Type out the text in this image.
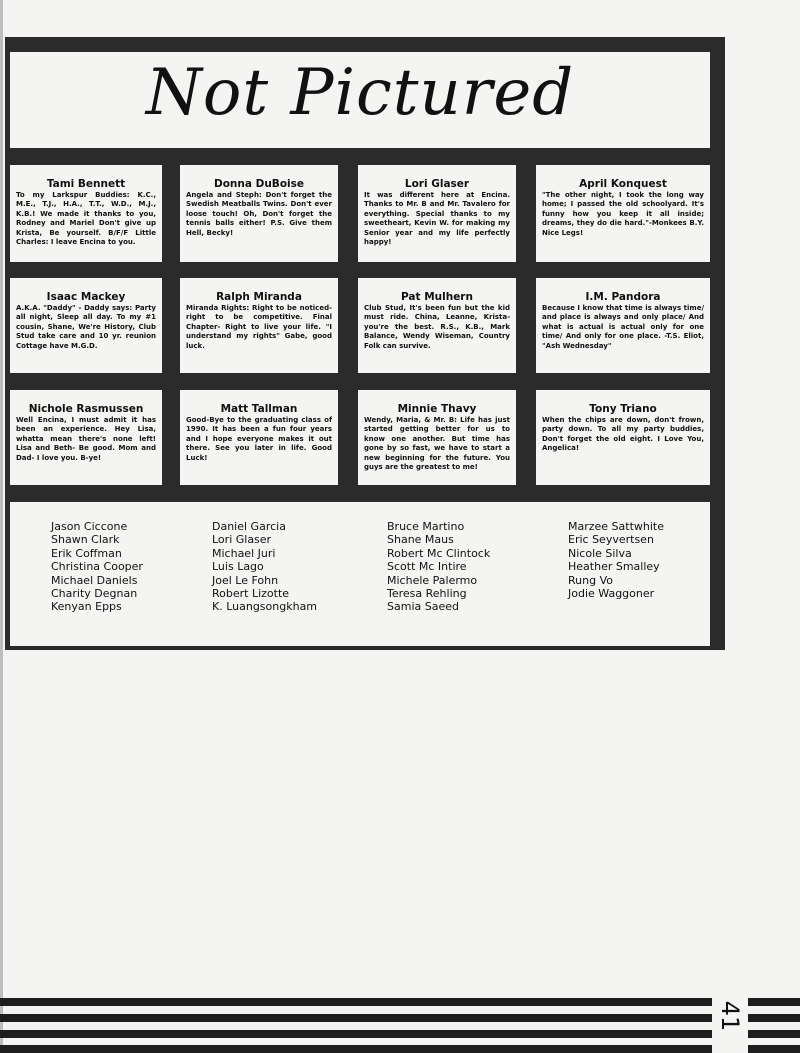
Not Pictured
Tami Bennett
To my Larkspur Buddies: K.C., M.E., T.J., H.A., T.T., W.D., M.J., K.B.! We made it thanks to you, Rodney and Mariel Don't give up Krista, Be yourself. B/F/F Little Charles: I leave Encina to you.
Donna DuBoise
Angela and Steph: Don't forget the Swedish Meatballs Twins. Don't ever loose touch! Oh, Don't forget the tennis balls either! P.S. Give them Hell, Becky!
Lori Glaser
It was different here at Encina. Thanks to Mr. B and Mr. Tavalero for everything. Special thanks to my sweetheart, Kevin W. for making my Senior year and my life perfectly happy!
April Konquest
"The other night, I took the long way home; I passed the old schoolyard. It's funny how you keep it all inside; dreams, they do die hard."-Monkees B.Y. Nice Legs!
Isaac Mackey
A.K.A. "Daddy" - Daddy says: Party all night, Sleep all day. To my #1 cousin, Shane, We're History, Club Stud take care and 10 yr. reunion Cottage have M.G.D.
Ralph Miranda
Miranda Rights: Right to be noticed-right to be competitive. Final Chapter- Right to live your life. "I understand my rights" Gabe, good luck.
Pat Mulhern
Club Stud, It's been fun but the kid must ride. China, Leanne, Krista-you're the best. R.S., K.B., Mark Balance, Wendy Wiseman, Country Folk can survive.
I.M. Pandora
Because I know that time is always time/ and place is always and only place/ And what is actual is actual only for one time/ And only for one place. -T.S. Eliot, "Ash Wednesday"
Nichole Rasmussen
Well Encina, I must admit it has been an experience. Hey Lisa, whatta mean there's none left! Lisa and Beth- Be good. Mom and Dad- I love you. B-ye!
Matt Tallman
Good-Bye to the graduating class of 1990. It has been a fun four years and I hope everyone makes it out there. See you later in life. Good Luck!
Minnie Thavy
Wendy, Maria, & Mr. B: Life has just started getting better for us to know one another. But time has gone by so fast, we have to start a new beginning for the future. You guys are the greatest to me!
Tony Triano
When the chips are down, don't frown, party down. To all my party buddies, Don't forget the old eight. I Love You, Angelica!
Jason Ciccone
Shawn Clark
Erik Coffman
Christina Cooper
Michael Daniels
Charity Degnan
Kenyan Epps
Daniel Garcia
Lori Glaser
Michael Juri
Luis Lago
Joel Le Fohn
Robert Lizotte
K. Luangsongkham
Bruce Martino
Shane Maus
Robert Mc Clintock
Scott Mc Intire
Michele Palermo
Teresa Rehling
Samia Saeed
Marzee Sattwhite
Eric Seyvertsen
Nicole Silva
Heather Smalley
Rung Vo
Jodie Waggoner
41
